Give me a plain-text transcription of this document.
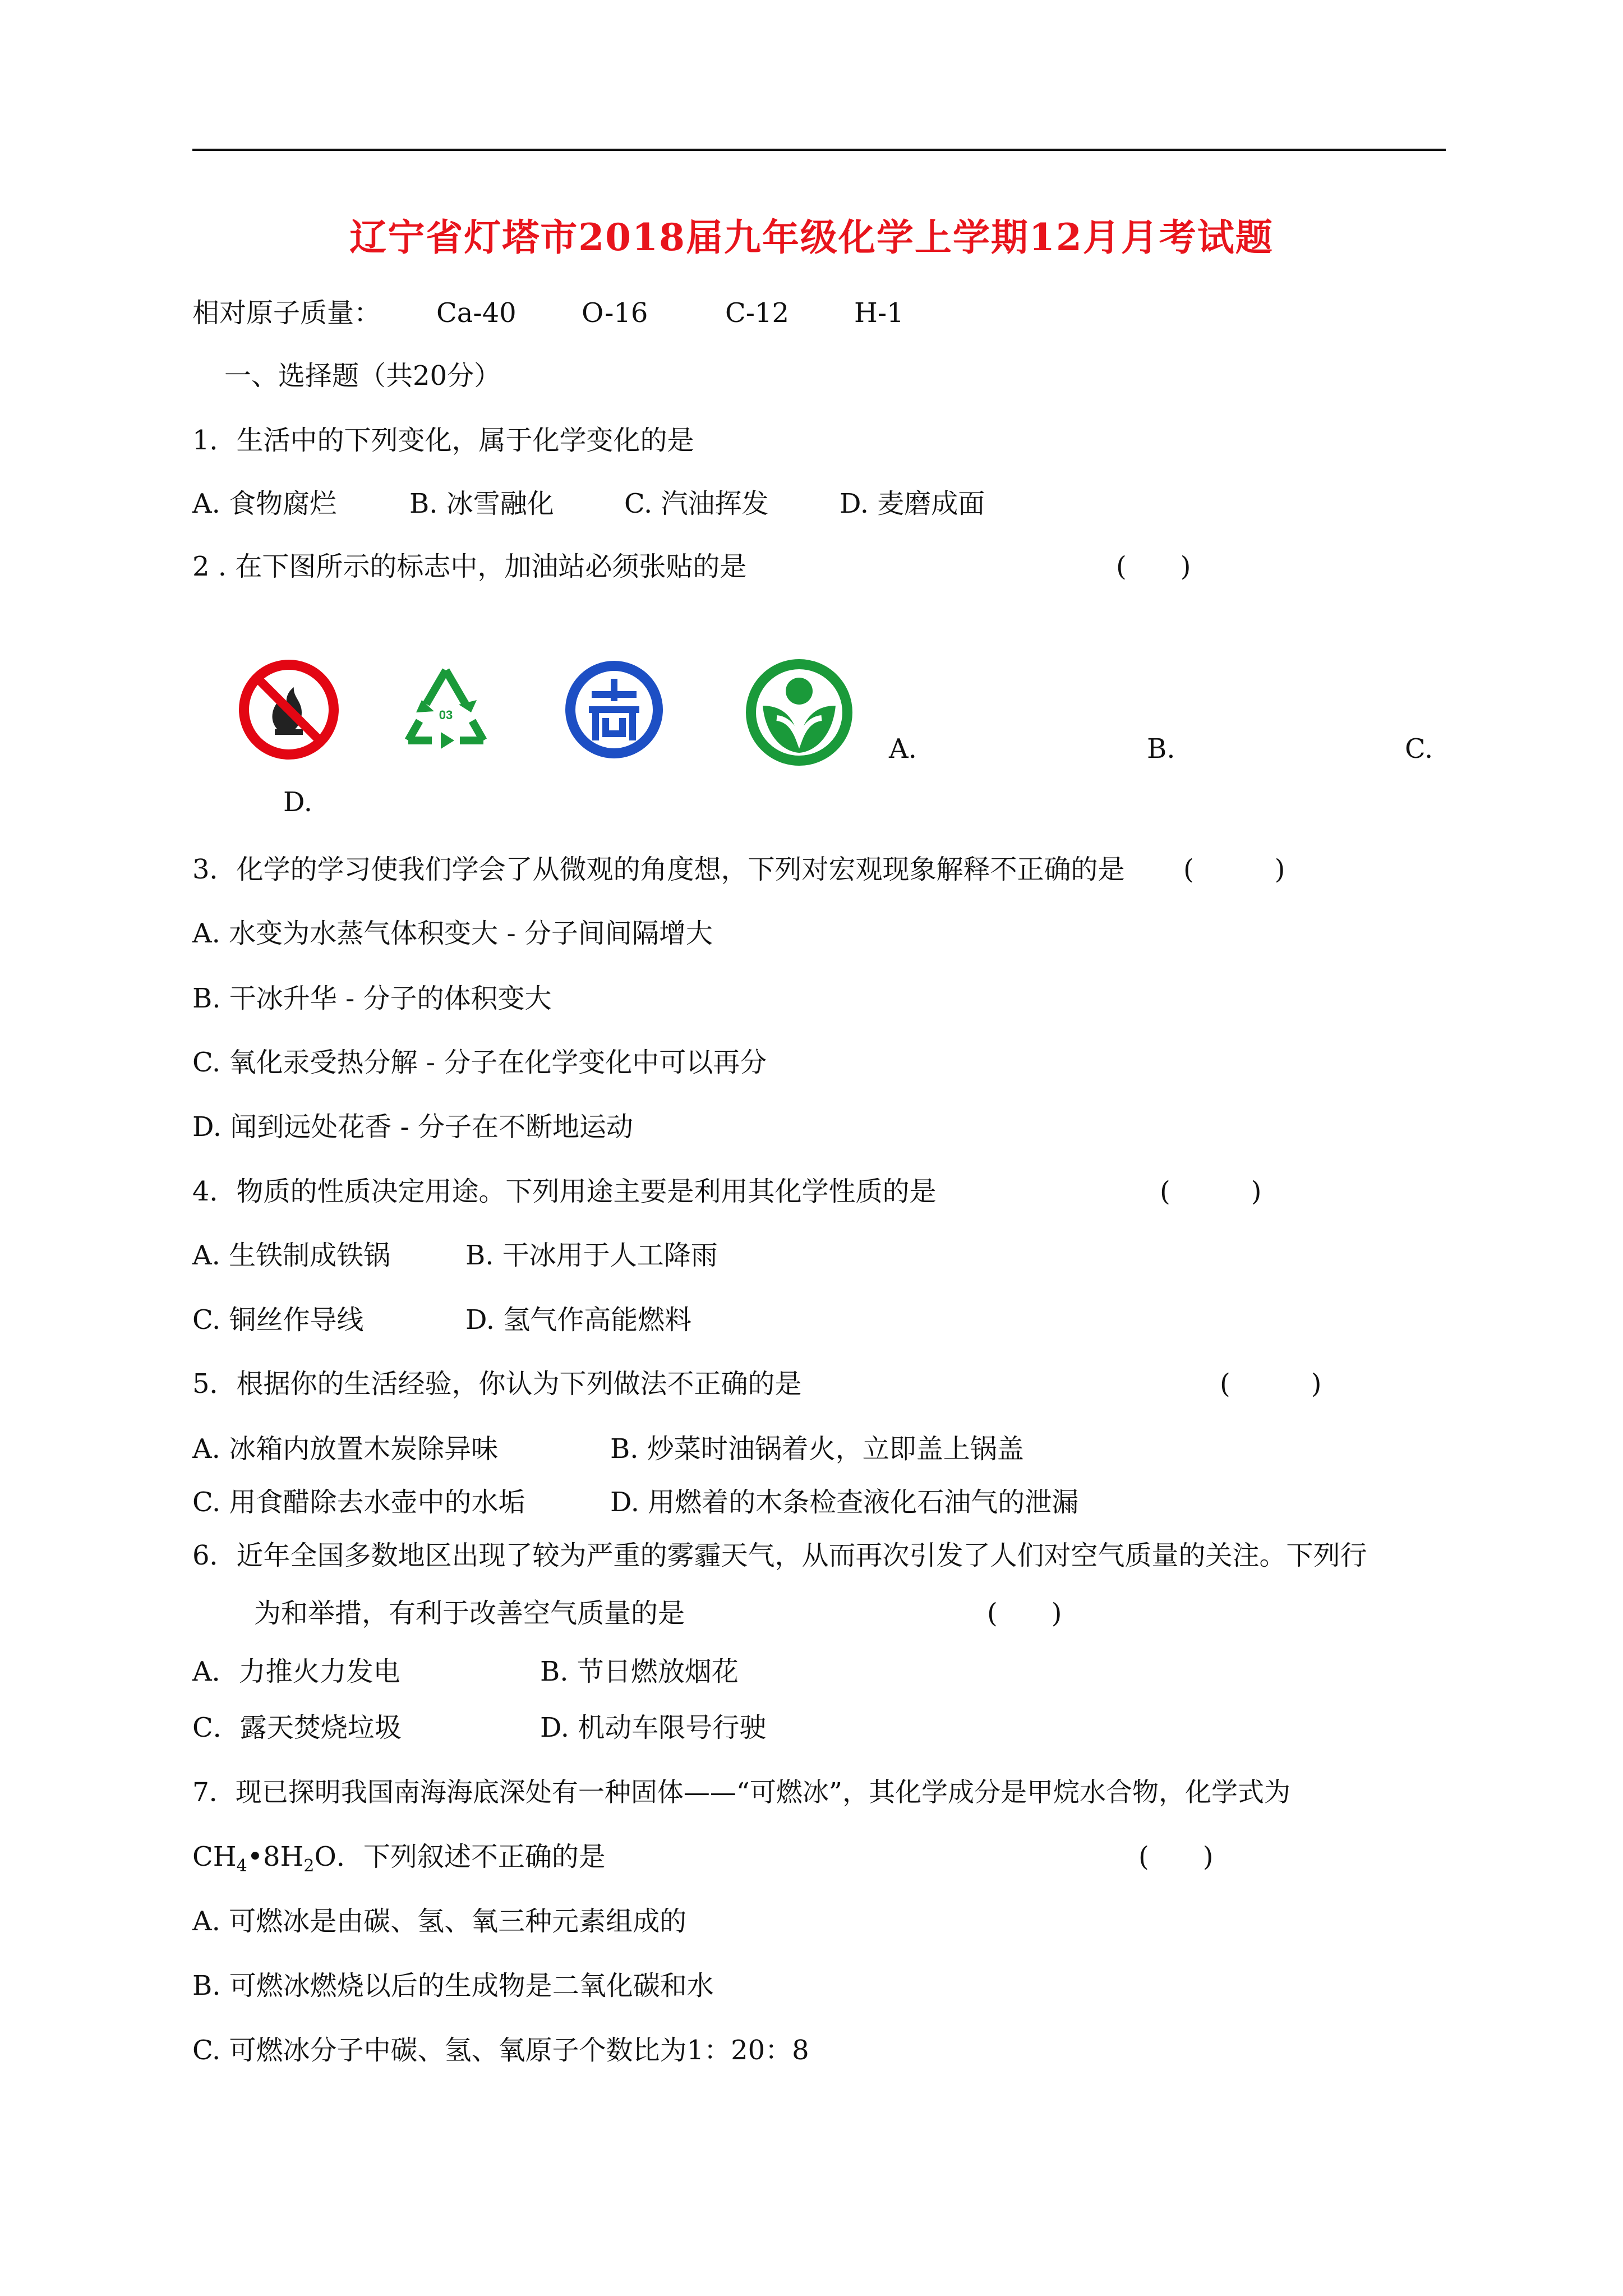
辽宁省灯塔市2018届九年级化学上学期12月月考试题
相对原子质量： Ca-40 O-16	C-12 H-1
一、选择题（共20分）
1．生活中的下列变化，属于化学变化的是
A. 食物腐烂	B. 冰雪融化	C. 汽油挥发	D. 麦磨成面
2 . 在下图所示的标志中，加油站必须张贴的是	(　　)
03
A.	B.	C.
D.
3．化学的学习使我们学会了从微观的角度想，下列对宏观现象解释不正确的是 (　　　)
A. 水变为水蒸气体积变大 - 分子间间隔增大
B. 干冰升华 - 分子的体积变大
C. 氧化汞受热分解 - 分子在化学变化中可以再分
D. 闻到远处花香 - 分子在不断地运动
4．物质的性质决定用途。下列用途主要是利用其化学性质的是	(　　　)
A. 生铁制成铁锅	B. 干冰用于人工降雨
C. 铜丝作导线	D. 氢气作高能燃料
5．根据你的生活经验，你认为下列做法不正确的是	(　　　)
A. 冰箱内放置木炭除异味	B. 炒菜时油锅着火，立即盖上锅盖
C. 用食醋除去水壶中的水垢	D. 用燃着的木条检查液化石油气的泄漏
6．近年全国多数地区出现了较为严重的雾霾天气，从而再次引发了人们对空气质量的关注。下列行
为和举措，有利于改善空气质量的是	(　　)
A．力推火力发电	B. 节日燃放烟花
C．露天焚烧垃圾	D. 机动车限号行驶
7．现已探明我国南海海底深处有一种固体——“可燃冰”，其化学成分是甲烷水合物，化学式为
$CH_4•8H_2O$．下列叙述不正确的是	(　　)
A. 可燃冰是由碳、氢、氧三种元素组成的
B. 可燃冰燃烧以后的生成物是二氧化碳和水
C. 可燃冰分子中碳、氢、氧原子个数比为1：20：8
